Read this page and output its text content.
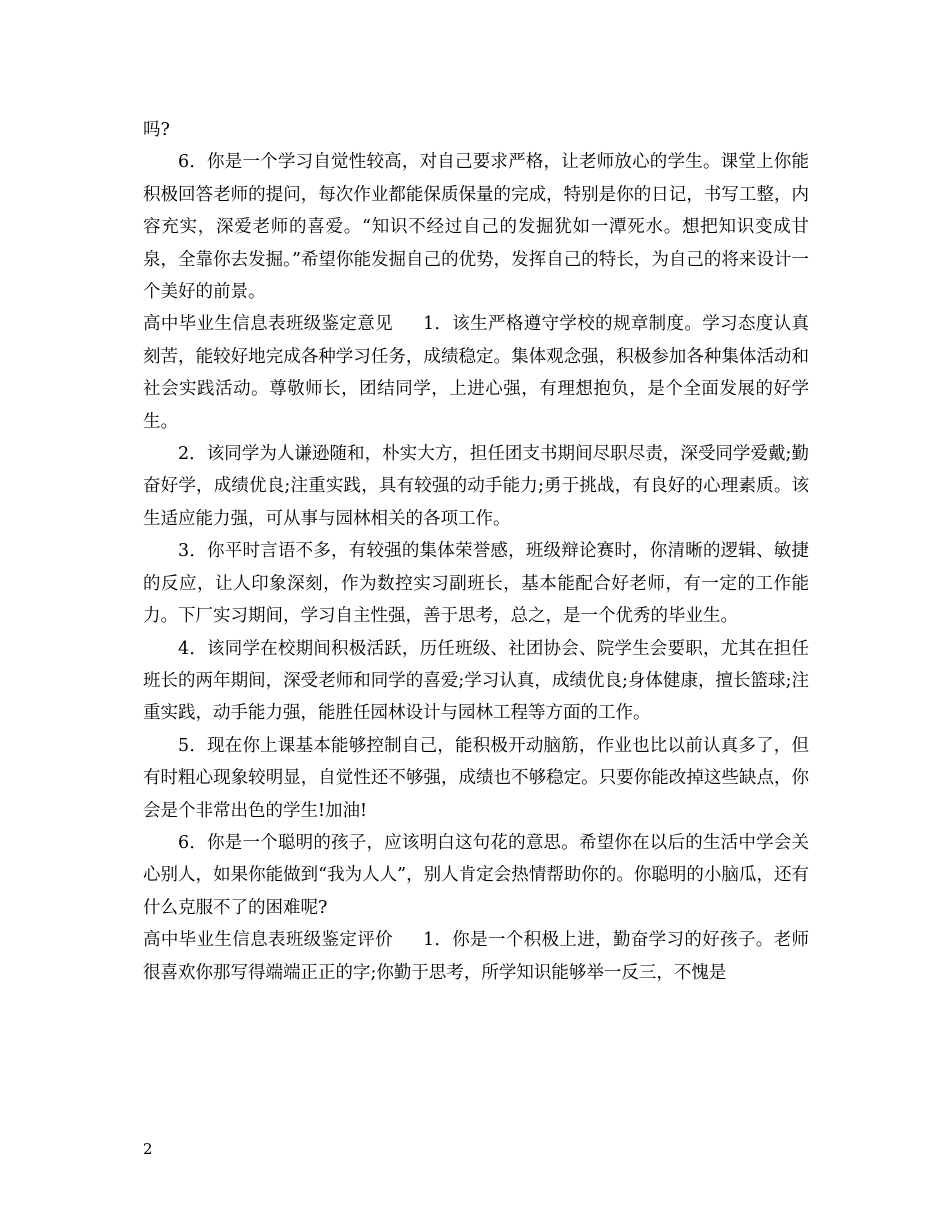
吗?

6．你是一个学习自觉性较高，对自己要求严格，让老师放心的学生。课堂上你能积极回答老师的提问，每次作业都能保质保量的完成，特别是你的日记，书写工整，内容充实，深爱老师的喜爱。“知识不经过自己的发掘犹如一潭死水。想把知识变成甘泉，全靠你去发掘。”希望你能发掘自己的优势，发挥自己的特长，为自己的将来设计一个美好的前景。

高中毕业生信息表班级鉴定意见 1．该生严格遵守学校的规章制度。学习态度认真刻苦，能较好地完成各种学习任务，成绩稳定。集体观念强，积极参加各种集体活动和社会实践活动。尊敬师长，团结同学，上进心强，有理想抱负，是个全面发展的好学生。

2．该同学为人谦逊随和，朴实大方，担任团支书期间尽职尽责，深受同学爱戴;勤奋好学，成绩优良;注重实践，具有较强的动手能力;勇于挑战，有良好的心理素质。该生适应能力强，可从事与园林相关的各项工作。

3．你平时言语不多，有较强的集体荣誉感，班级辩论赛时，你清晰的逻辑、敏捷的反应，让人印象深刻，作为数控实习副班长，基本能配合好老师，有一定的工作能力。下厂实习期间，学习自主性强，善于思考，总之，是一个优秀的毕业生。

4．该同学在校期间积极活跃，历任班级、社团协会、院学生会要职，尤其在担任班长的两年期间，深受老师和同学的喜爱;学习认真，成绩优良;身体健康，擅长篮球;注重实践，动手能力强，能胜任园林设计与园林工程等方面的工作。

5．现在你上课基本能够控制自己，能积极开动脑筋，作业也比以前认真多了，但有时粗心现象较明显，自觉性还不够强，成绩也不够稳定。只要你能改掉这些缺点，你会是个非常出色的学生!加油!

6．你是一个聪明的孩子，应该明白这句花的意思。希望你在以后的生活中学会关心别人，如果你能做到“我为人人”，别人肯定会热情帮助你的。你聪明的小脑瓜，还有什么克服不了的困难呢?

高中毕业生信息表班级鉴定评价 1．你是一个积极上进，勤奋学习的好孩子。老师很喜欢你那写得端端正正的字;你勤于思考，所学知识能够举一反三，不愧是

2
